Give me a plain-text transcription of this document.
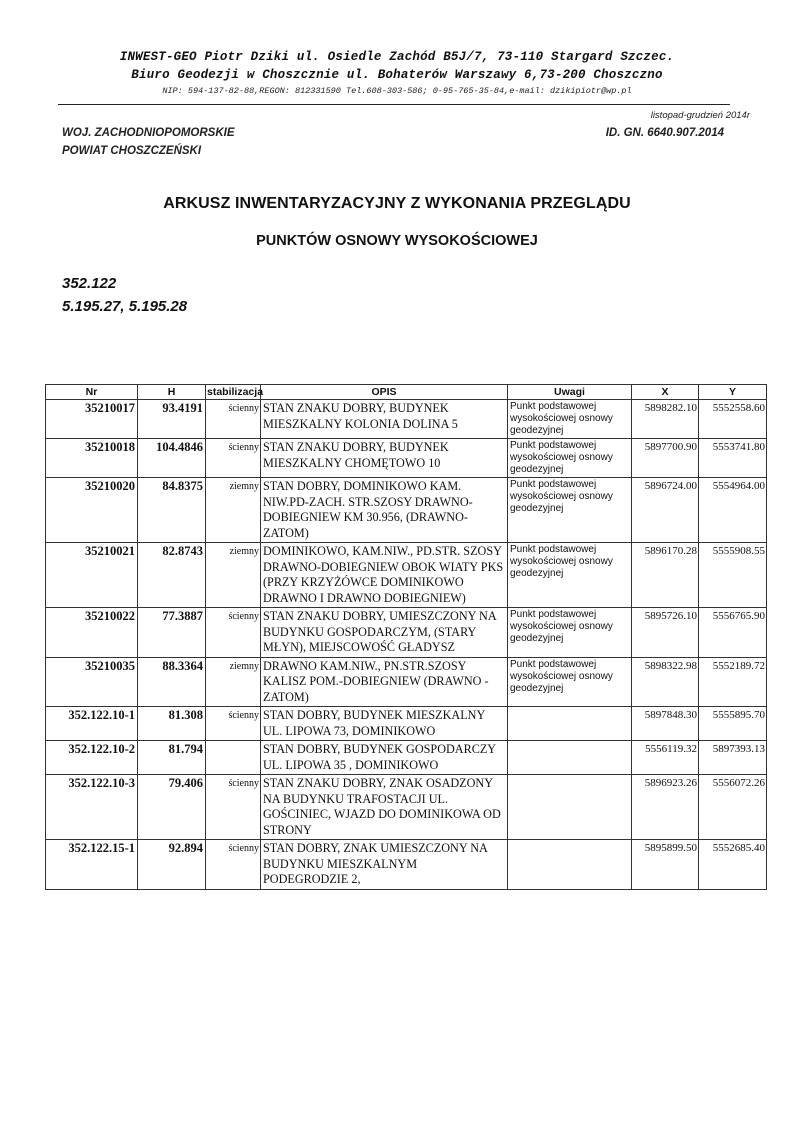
INWEST-GEO Piotr Dziki ul. Osiedle Zachód B5J/7, 73-110 Stargard Szczec.
Biuro Geodezji w Choszcznie ul. Bohaterów Warszawy 6,73-200 Choszczno
NIP: 594-137-82-88,REGON: 812331590 Tel.608-303-586; 0-95-765-35-84,e-mail: dzikipiotr@wp.pl
listopad-grudzień 2014r
WOJ. ZACHODNIOPOMORSKIE
POWIAT CHOSZCZEŃSKI
ID. GN. 6640.907.2014
ARKUSZ INWENTARYZACYJNY Z WYKONANIA PRZEGLĄDU
PUNKTÓW OSNOWY WYSOKOŚCIOWEJ
352.122
5.195.27, 5.195.28
Nr	H	stabilizacja	OPIS	Uwagi	X	Y
35210017	93.4191	ścienny	STAN ZNAKU DOBRY, BUDYNEK MIESZKALNY KOLONIA DOLINA 5	Punkt podstawowej wysokościowej osnowy geodezyjnej	5898282.10	5552558.60
35210018	104.4846	ścienny	STAN ZNAKU DOBRY, BUDYNEK MIESZKALNY CHOMĘTOWO 10	Punkt podstawowej wysokościowej osnowy geodezyjnej	5897700.90	5553741.80
35210020	84.8375	ziemny	STAN DOBRY, DOMINIKOWO KAM. NIW.PD-ZACH. STR.SZOSY DRAWNO-DOBIEGNIEW KM 30.956, (DRAWNO-ZATOM)	Punkt podstawowej wysokościowej osnowy geodezyjnej	5896724.00	5554964.00
35210021	82.8743	ziemny	DOMINIKOWO, KAM.NIW., PD.STR. SZOSY DRAWNO-DOBIEGNIEW OBOK WIATY PKS (PRZY KRZYŻÓWCE DOMINIKOWO DRAWNO I DRAWNO DOBIEGNIEW)	Punkt podstawowej wysokościowej osnowy geodezyjnej	5896170.28	5555908.55
35210022	77.3887	ścienny	STAN ZNAKU DOBRY, UMIESZCZONY NA BUDYNKU GOSPODARCZYM, (STARY MŁYN), MIEJSCOWOŚĆ GŁADYSZ	Punkt podstawowej wysokościowej osnowy geodezyjnej	5895726.10	5556765.90
35210035	88.3364	ziemny	DRAWNO KAM.NIW., PN.STR.SZOSY KALISZ POM.-DOBIEGNIEW (DRAWNO - ZATOM)	Punkt podstawowej wysokościowej osnowy geodezyjnej	5898322.98	5552189.72
352.122.10-1	81.308	ścienny	STAN DOBRY, BUDYNEK MIESZKALNY UL. LIPOWA 73, DOMINIKOWO		5897848.30	5555895.70
352.122.10-2	81.794		STAN DOBRY, BUDYNEK GOSPODARCZY UL. LIPOWA 35 , DOMINIKOWO		5556119.32	5897393.13
352.122.10-3	79.406	ścienny	STAN ZNAKU DOBRY, ZNAK OSADZONY NA BUDYNKU TRAFOSTACJI UL. GOŚCINIEC, WJAZD DO DOMINIKOWA OD STRONY		5896923.26	5556072.26
352.122.15-1	92.894	ścienny	STAN DOBRY, ZNAK UMIESZCZONY NA BUDYNKU MIESZKALNYM PODEGRODZIE 2,		5895899.50	5552685.40
